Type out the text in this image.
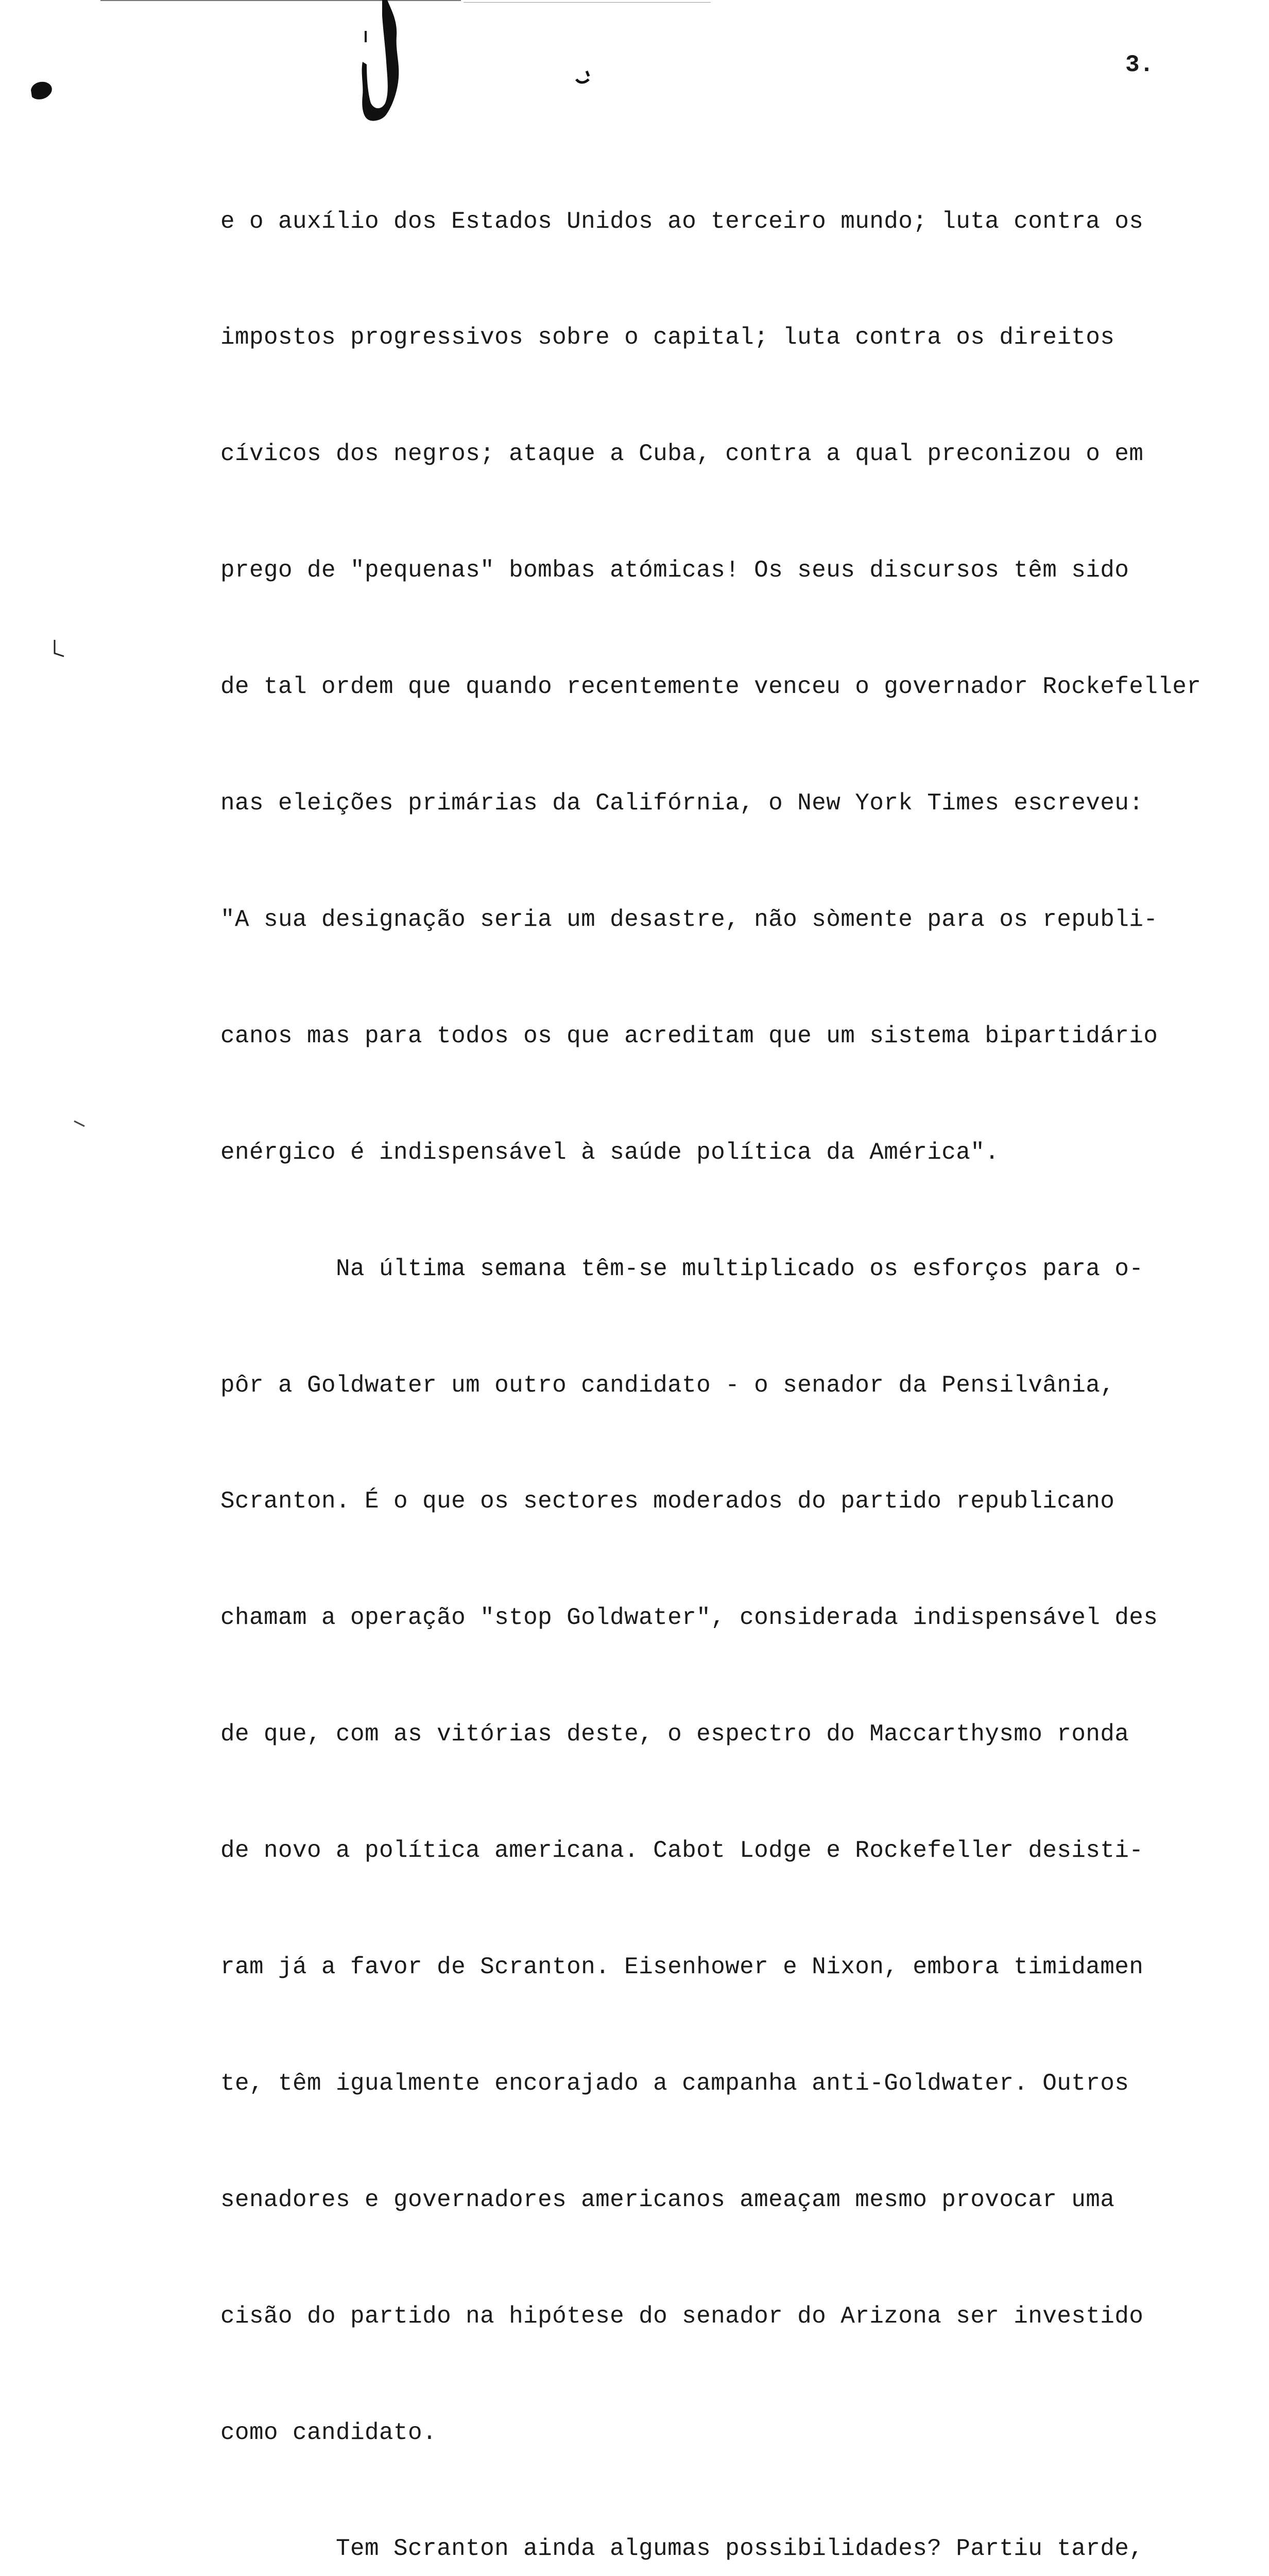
3.

e o auxílio dos Estados Unidos ao terceiro mundo; luta contra os

impostos progressivos sobre o capital; luta contra os direitos

cívicos dos negros; ataque a Cuba, contra a qual preconizou o em

prego de "pequenas" bombas atómicas! Os seus discursos têm sido

de tal ordem que quando recentemente venceu o governador Rockefeller

nas eleições primárias da Califórnia, o New York Times escreveu:

"A sua designação seria um desastre, não sòmente para os republi-

canos mas para todos os que acreditam que um sistema bipartidário

enérgico é indispensável à saúde política da América".

Na última semana têm-se multiplicado os esforços para o-

pôr a Goldwater um outro candidato - o senador da Pensilvânia,

Scranton. É o que os sectores moderados do partido republicano

chamam a operação "stop Goldwater", considerada indispensável des

de que, com as vitórias deste, o espectro do Maccarthysmo ronda

de novo a política americana. Cabot Lodge e Rockefeller desisti-

ram já a favor de Scranton. Eisenhower e Nixon, embora timidamen

te, têm igualmente encorajado a campanha anti-Goldwater. Outros

senadores e governadores americanos ameaçam mesmo provocar uma

cisão do partido na hipótese do senador do Arizona ser investido

como candidato.

Tem Scranton ainda algumas possibilidades? Partiu tarde,
